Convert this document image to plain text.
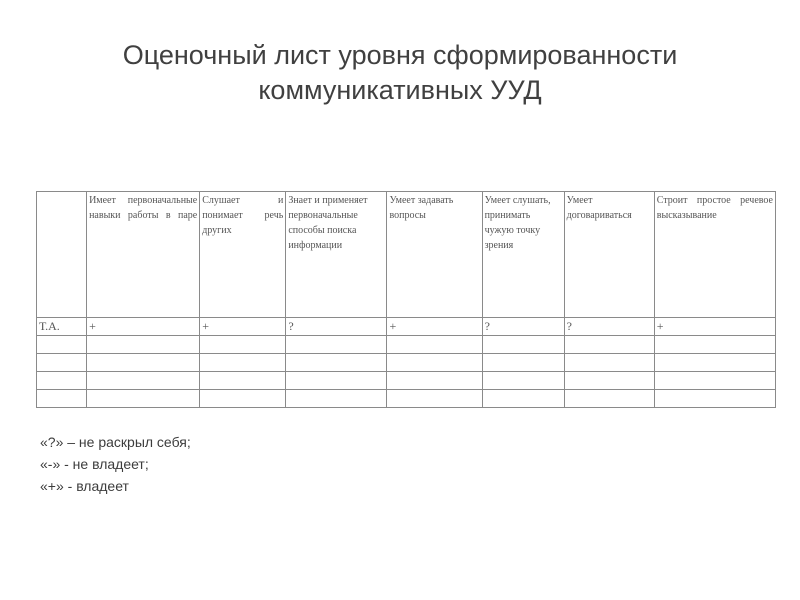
Оценочный лист уровня сформированности
коммуникативных УУД
	Имеет первоначальные навыки работы в паре	Слушает и понимает речь других	Знает и применяет первоначальные способы поиска информации	Умеет задавать вопросы	Умеет слушать, принимать чужую точку зрения	Умеет договариваться	Строит простое речевое высказывание
Т.А.	+	+	?	+	?	?	+

«?» – не раскрыл себя;
«-» - не владеет;
«+» - владеет
